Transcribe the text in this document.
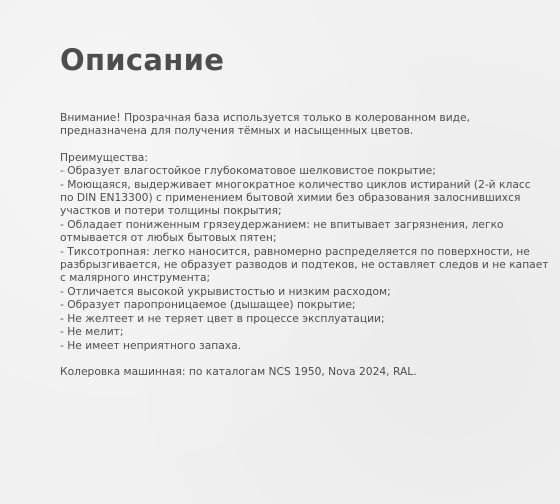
Описание

Внимание! Прозрачная база используется только в колерованном виде,
предназначена для получения тёмных и насыщенных цветов.

Преимущества:
- Образует влагостойкое глубокоматовое шелковистое покрытие;
- Моющаяся, выдерживает многократное количество циклов истираний (2-й класс
по DIN EN13300) с применением бытовой химии без образования залоснившихся
участков и потери толщины покрытия;
- Обладает пониженным грязеудержанием: не впитывает загрязнения, легко
отмывается от любых бытовых пятен;
- Тиксотропная: легко наносится, равномерно распределяется по поверхности, не
разбрызгивается, не образует разводов и подтеков, не оставляет следов и не капает
с малярного инструмента;
- Отличается высокой укрывистостью и низким расходом;
- Образует паропроницаемое (дышащее) покрытие;
- Не желтеет и не теряет цвет в процессе эксплуатации;
- Не мелит;
- Не имеет неприятного запаха.

Колеровка машинная: по каталогам NCS 1950, Nova 2024, RAL.
